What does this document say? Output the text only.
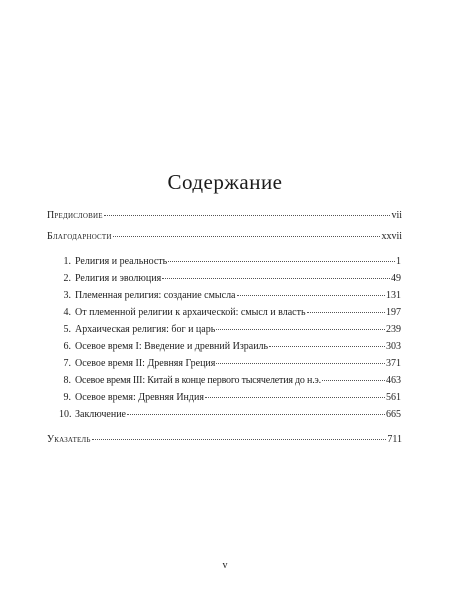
Содержание
Предисловие	vii
Благодарности	xxvii
1. Религия и реальность	1
2. Религия и эволюция	49
3. Племенная религия: создание смысла	131
4. От племенной религии к архаической: смысл и власть	197
5. Архаическая религия: бог и царь	239
6. Осевое время I: Введение и древний Израиль	303
7. Осевое время II: Древняя Греция	371
8. Осевое время III: Китай в конце первого тысячелетия до н.э.	463
9. Осевое время: Древняя Индия	561
10. Заключение	665
Указатель	711
v
